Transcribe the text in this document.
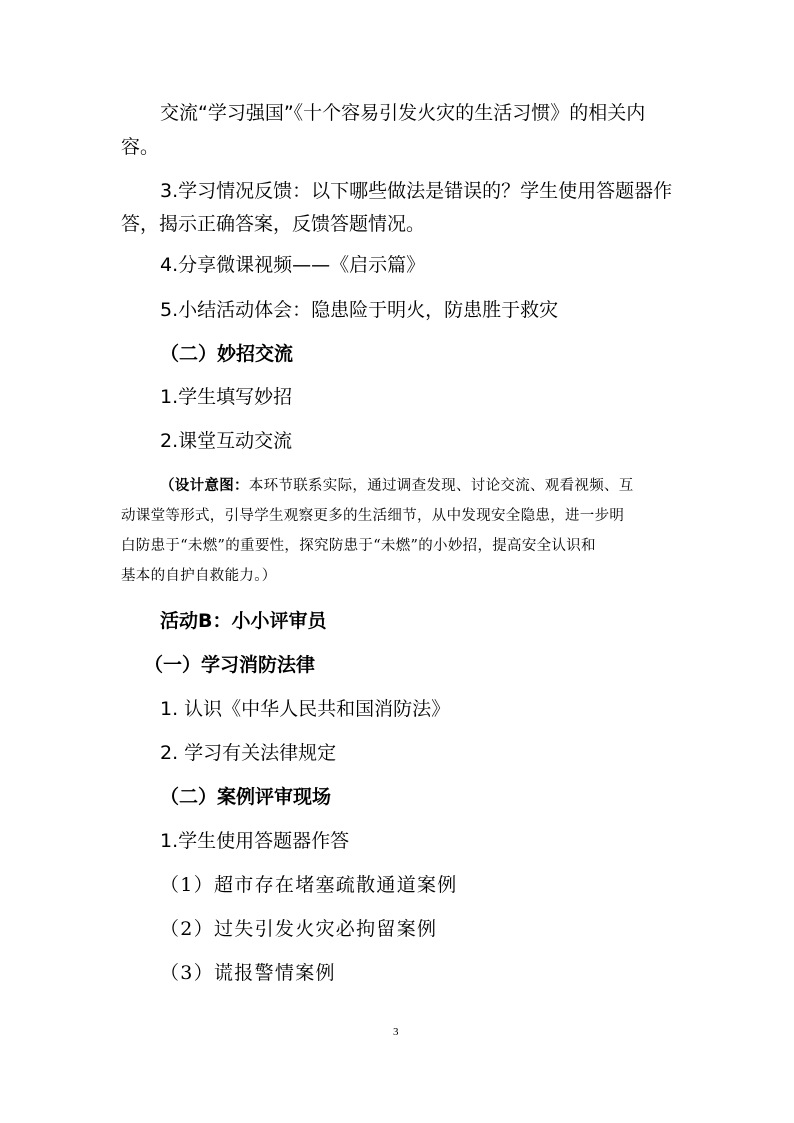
交流“学习强国”《十个容易引发火灾的生活习惯》的相关内
容。
3.学习情况反馈：以下哪些做法是错误的？学生使用答题器作
答，揭示正确答案，反馈答题情况。
4.分享微课视频——《启示篇》
5.小结活动体会：隐患险于明火，防患胜于救灾
（二）妙招交流
1.学生填写妙招
2.课堂互动交流
（设计意图：本环节联系实际，通过调查发现、讨论交流、观看视频、互
动课堂等形式，引导学生观察更多的生活细节，从中发现安全隐患，进一步明
白防患于“未燃”的重要性，探究防患于“未燃”的小妙招，提高安全认识和
基本的自护自救能力。）
活动B：小小评审员
（一）学习消防法律
1. 认识《中华人民共和国消防法》
2. 学习有关法律规定
（二）案例评审现场
1.学生使用答题器作答
（1）超市存在堵塞疏散通道案例
（2）过失引发火灾必拘留案例
（3）谎报警情案例
3
